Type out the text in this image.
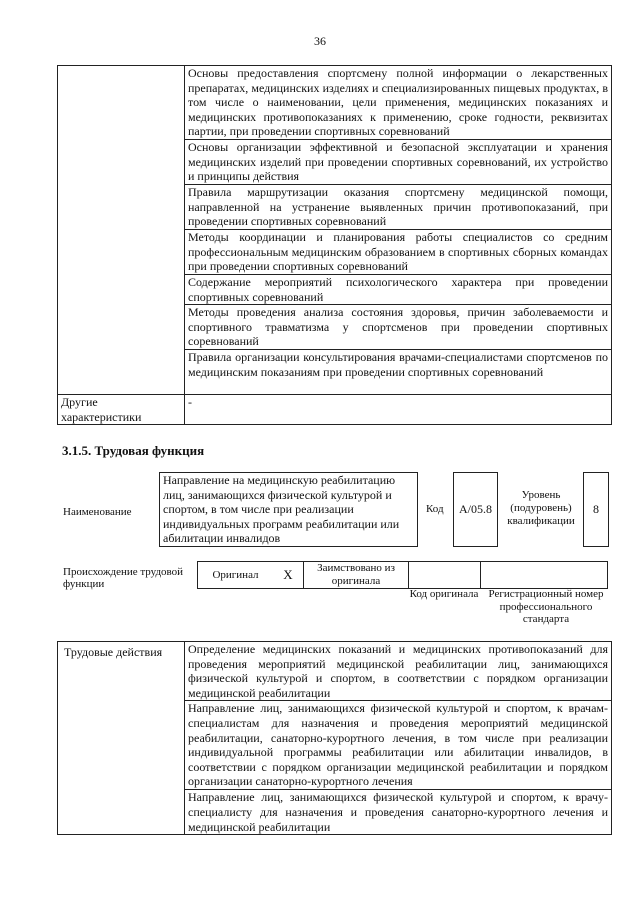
36
	Основы предоставления спортсмену полной информации о лекарственных препаратах, медицинских изделиях и специализированных пищевых продуктах, в том числе о наименовании, цели применения, медицинских показаниях и медицинских противопоказаниях к применению, сроке годности, реквизитах партии, при проведении спортивных соревнований
	Основы организации эффективной и безопасной эксплуатации и хранения медицинских изделий при проведении спортивных соревнований, их устройство и принципы действия
	Правила маршрутизации оказания спортсмену медицинской помощи, направленной на устранение выявленных причин противопоказаний, при проведении спортивных соревнований
	Методы координации и планирования работы специалистов со средним профессиональным медицинским образованием в спортивных сборных командах при проведении спортивных соревнований
	Содержание мероприятий психологического характера при проведении спортивных соревнований
	Методы проведения анализа состояния здоровья, причин заболеваемости и спортивного травматизма у спортсменов при проведении спортивных соревнований
	Правила организации консультирования врачами-специалистами спортсменов по медицинским показаниям при проведении спортивных соревнований
Другие характеристики	-
3.1.5. Трудовая функция
Наименование
Направление на медицинскую реабилитацию лиц, занимающихся физической культурой и спортом, в том числе при реализации индивидуальных программ реабилитации или абилитации инвалидов
Код	A/05.8
Уровень (подуровень) квалификации
8
Происхождение трудовой функции
Оригинал	X	Заимствовано из оригинала
Код оригинала Регистрационный номер профессионального стандарта
Трудовые действия	Определение медицинских показаний и медицинских противопоказаний для проведения мероприятий медицинской реабилитации лиц, занимающихся физической культурой и спортом, в соответствии с порядком организации медицинской реабилитации
Направление лиц, занимающихся физической культурой и спортом, к врачам-специалистам для назначения и проведения мероприятий медицинской реабилитации, санаторно-курортного лечения, в том числе при реализации индивидуальной программы реабилитации или абилитации инвалидов, в соответствии с порядком организации медицинской реабилитации и порядком организации санаторно-курортного лечения
Направление лиц, занимающихся физической культурой и спортом, к врачу-специалисту для назначения и проведения санаторно-курортного лечения и медицинской реабилитации
